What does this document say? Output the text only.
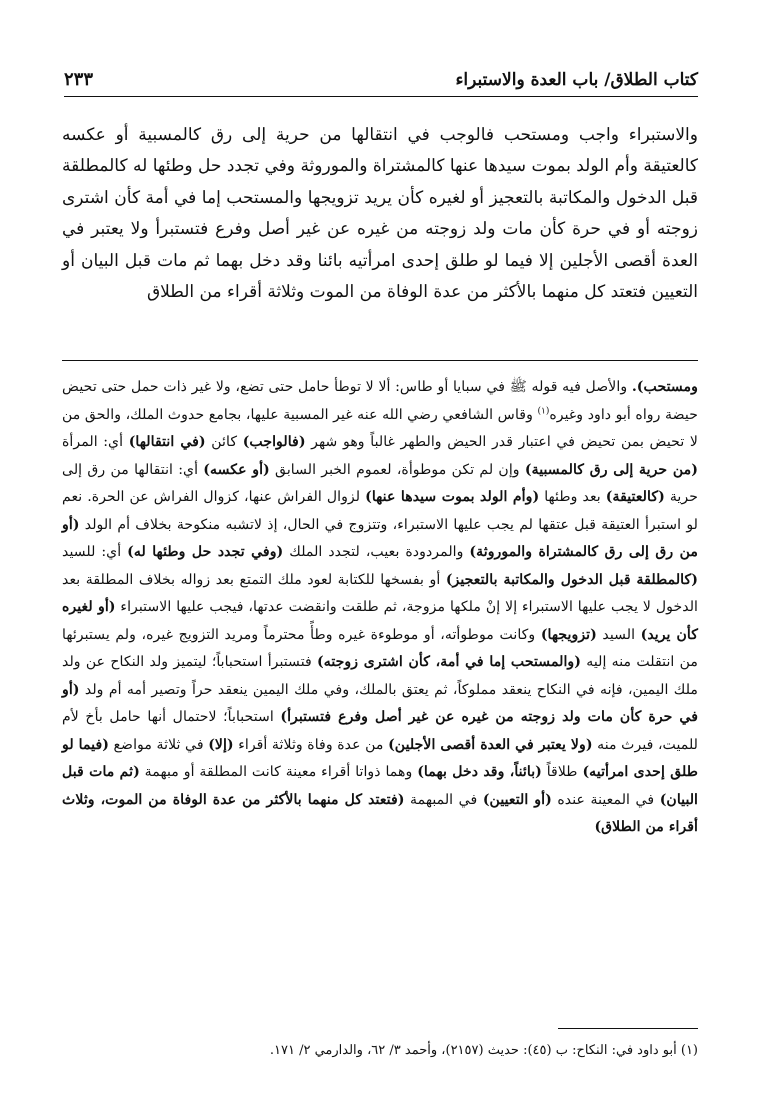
كتاب الطلاق/ باب العدة والاستبراء
٢٣٣

والاستبراء واجب ومستحب فالوجب في انتقالها من حرية إلى رق كالمسبية أو عكسه كالعتيقة وأم الولد بموت سيدها عنها كالمشتراة والموروثة وفي تجدد حل وطئها له كالمطلقة قبل الدخول والمكاتبة بالتعجيز أو لغيره كأن يريد تزويجها والمستحب إما في أمة كأن اشترى زوجته أو في حرة كأن مات ولد زوجته من غيره عن غير أصل وفرع فتستبرأ ولا يعتبر في العدة أقصى الأجلين إلا فيما لو طلق إحدى امرأتيه بائنا وقد دخل بهما ثم مات قبل البيان أو التعيين فتعتد كل منهما بالأكثر من عدة الوفاة من الموت وثلاثة أقراء من الطلاق

ومستحب). والأصل فيه قوله ﷺ في سبايا أو طاس: ألا لا توطأ حامل حتى تضع، ولا غير ذات حمل حتى تحيض حيضة رواه أبو داود وغيره$^{(١)}$ وقاس الشافعي رضي الله عنه غير المسبية عليها، بجامع حدوث الملك، والحق من لا تحيض بمن تحيض في اعتبار قدر الحيض والطهر غالباً وهو شهر (فالواجب) كائن (في انتقالها) أي: المرأة (من حرية إلى رق كالمسبية) وإن لم تكن موطوأة، لعموم الخبر السابق (أو عكسه) أي: انتقالها من رق إلى حرية (كالعتيقة) بعد وطئها (وأم الولد بموت سيدها عنها) لزوال الفراش عنها، كزوال الفراش عن الحرة. نعم لو استبرأ العتيقة قبل عتقها لم يجب عليها الاستبراء، وتتزوج في الحال، إذ لاتشبه منكوحة بخلاف أم الولد (أو من رق إلى رق كالمشتراة والموروثة) والمردودة بعيب، لتجدد الملك (وفي تجدد حل وطئها له) أي: للسيد (كالمطلقة قبل الدخول والمكاتبة بالتعجيز) أو بفسخها للكتابة لعود ملك التمتع بعد زواله بخلاف المطلقة بعد الدخول لا يجب عليها الاستبراء إلا إنْ ملكها مزوجة، ثم طلقت وانقضت عدتها، فيجب عليها الاستبراء (أو لغيره كأن يريد) السيد (تزويجها) وكانت موطوأته، أو موطوءة غيره وطأً محترماً ومريد التزويج غيره، ولم يستبرئها من انتقلت منه إليه (والمستحب إما في أمة، كأن اشترى زوجته) فتستبرأ استحباباً؛ ليتميز ولد النكاح عن ولد ملك اليمين، فإنه في النكاح ينعقد مملوكاً، ثم يعتق بالملك، وفي ملك اليمين ينعقد حراً وتصير أمه أم ولد (أو في حرة كأن مات ولد زوجته من غيره عن غير أصل وفرع فتستبرأ) استحباباً؛ لاحتمال أنها حامل بأخ لأم للميت، فيرث منه (ولا يعتبر في العدة أقصى الأجلين) من عدة وفاة وثلاثة أقراء (إلا) في ثلاثة مواضع (فيما لو طلق إحدى امرأتيه) طلاقاً (بائناً، وقد دخل بهما) وهما ذواتا أقراء معينة كانت المطلقة أو مبهمة (ثم مات قبل البيان) في المعينة عنده (أو التعيين) في المبهمة (فتعتد كل منهما بالأكثر من عدة الوفاة من الموت، وثلاث أقراء من الطلاق)

(١) أبو داود في: النكاح: ب (٤٥): حديث (٢١٥٧)، وأحمد ٣/ ٦٢، والدارمي ٢/ ١٧١.
